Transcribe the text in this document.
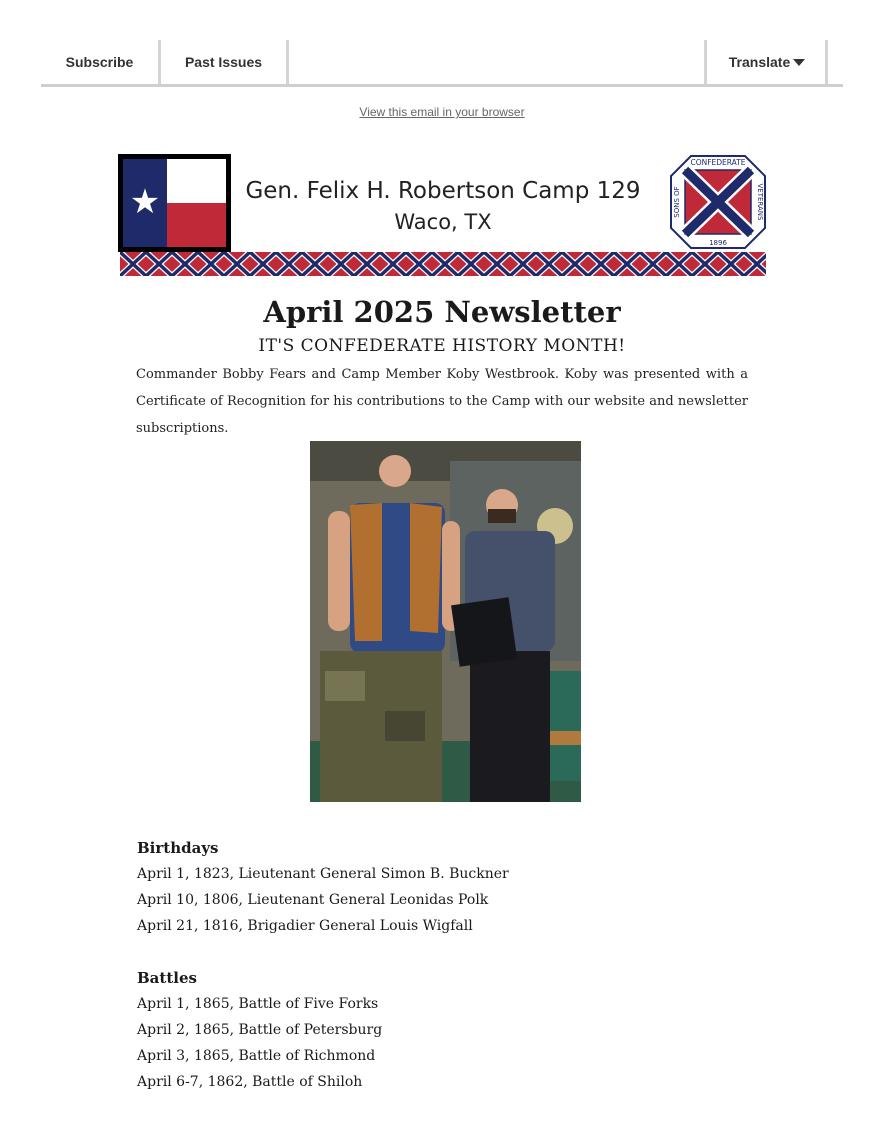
Subscribe	Past Issues	Translate
View this email in your browser
★	Gen. Felix H. Robertson Camp 129
Waco, TX
CONFEDERATE
1896
SONS OF	VETERANS
April 2025 Newsletter
IT'S CONFEDERATE HISTORY MONTH!
Commander Bobby Fears and Camp Member Koby Westbrook. Koby was presented with a Certificate of Recognition for his contributions to the Camp with our website and newsletter subscriptions.
Birthdays
April 1, 1823, Lieutenant General Simon B. Buckner
April 10, 1806, Lieutenant General Leonidas Polk
April 21, 1816, Brigadier General Louis Wigfall
Battles
April 1, 1865, Battle of Five Forks
April 2, 1865, Battle of Petersburg
April 3, 1865, Battle of Richmond
April 6-7, 1862, Battle of Shiloh
